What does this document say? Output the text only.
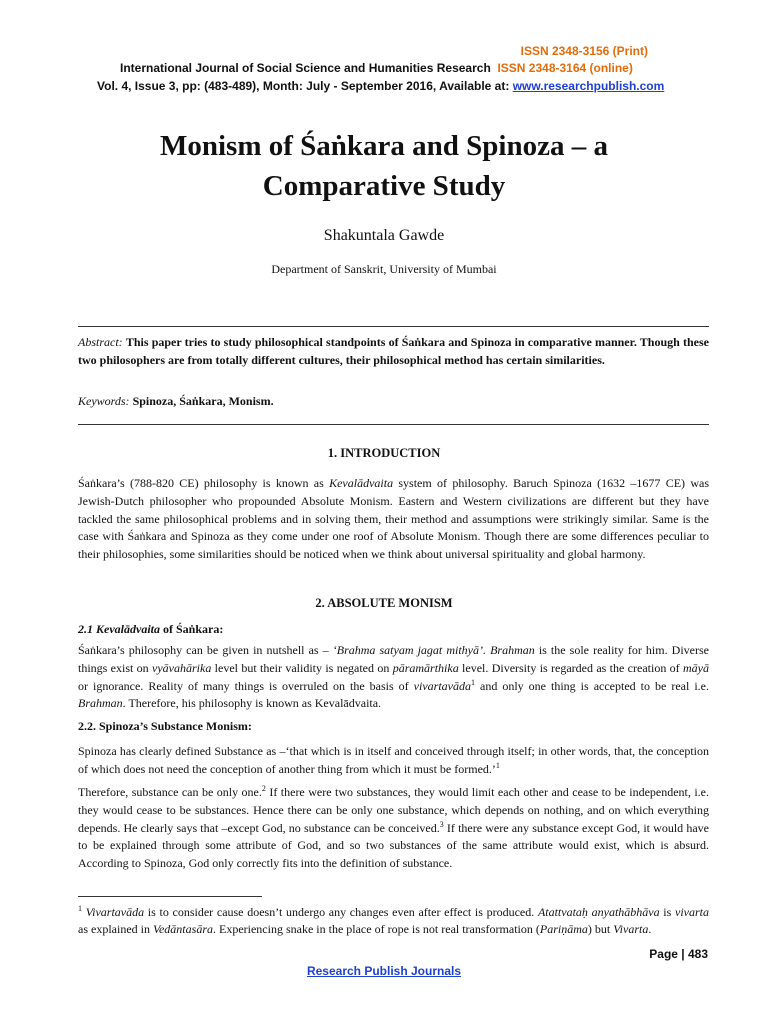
ISSN 2348-3156 (Print)
International Journal of Social Science and Humanities Research ISSN 2348-3164 (online)
Vol. 4, Issue 3, pp: (483-489), Month: July - September 2016, Available at: www.researchpublish.com
Monism of Śaṅkara and Spinoza – a
Comparative Study
Shakuntala Gawde
Department of Sanskrit, University of Mumbai
Abstract: This paper tries to study philosophical standpoints of Śaṅkara and Spinoza in comparative manner. Though these two philosophers are from totally different cultures, their philosophical method has certain similarities.
Keywords: Spinoza, Śaṅkara, Monism.
1. INTRODUCTION
Śaṅkara’s (788-820 CE) philosophy is known as Kevalādvaita system of philosophy. Baruch Spinoza (1632 –1677 CE) was Jewish-Dutch philosopher who propounded Absolute Monism. Eastern and Western civilizations are different but they have tackled the same philosophical problems and in solving them, their method and assumptions were strikingly similar. Same is the case with Śaṅkara and Spinoza as they come under one roof of Absolute Monism. Though there are some differences peculiar to their philosophies, some similarities should be noticed when we think about universal spirituality and global harmony.
2. ABSOLUTE MONISM
2.1 Kevalādvaita of Śaṅkara:
Śaṅkara’s philosophy can be given in nutshell as – ‘Brahma satyam jagat mithyā’. Brahman is the sole reality for him. Diverse things exist on vyāvahārika level but their validity is negated on pāramārthika level. Diversity is regarded as the creation of māyā or ignorance. Reality of many things is overruled on the basis of vivartavāda$^1$ and only one thing is accepted to be real i.e. Brahman. Therefore, his philosophy is known as Kevalādvaita.
2.2. Spinoza’s Substance Monism:
Spinoza has clearly defined Substance as –‘that which is in itself and conceived through itself; in other words, that, the conception of which does not need the conception of another thing from which it must be formed.’$^1$
Therefore, substance can be only one.$^2$ If there were two substances, they would limit each other and cease to be independent, i.e. they would cease to be substances. Hence there can be only one substance, which depends on nothing, and on which everything depends. He clearly says that –except God, no substance can be conceived.$^3$ If there were any substance except God, it would have to be explained through some attribute of God, and so two substances of the same attribute would exist, which is absurd. According to Spinoza, God only correctly fits into the definition of substance.
$^1$ Vivartavāda is to consider cause doesn’t undergo any changes even after effect is produced. Atattvataḥ anyathābhāva is vivarta as explained in Vedāntasāra. Experiencing snake in the place of rope is not real transformation (Pariṇāma) but Vivarta.
Page | 483
Research Publish Journals
